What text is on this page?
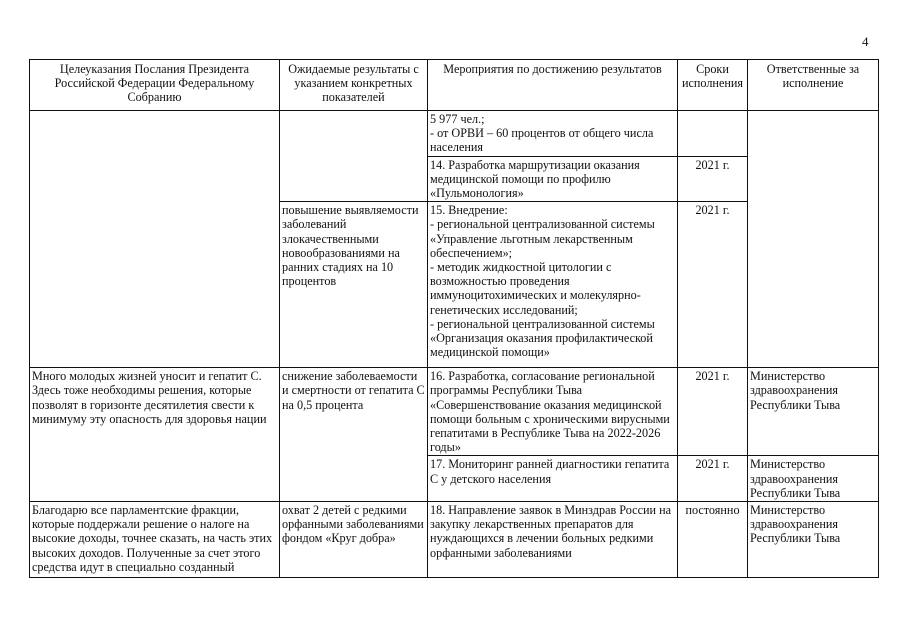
4
Целеуказания Послания Президента Российской Федерации Федеральному Собранию	Ожидаемые результаты с указанием конкретных показателей	Мероприятия по достижению результатов	Сроки исполнения	Ответственные за исполнение
		5 977 чел.;
- от ОРВИ – 60 процентов от общего числа населения		
		14. Разработка маршрутизации оказания медицинской помощи по профилю «Пульмонология»	2021 г.	
	повышение выявляемости заболеваний злокачественными новообразованиями на ранних стадиях на 10 процентов	15. Внедрение:
- региональной централизованной системы «Управление льготным лекарственным обеспечением»;
- методик жидкостной цитологии с возможностью проведения иммуноцитохимических и молекулярно-генетических исследований;
- региональной централизованной системы «Организация оказания профилактической медицинской помощи»	2021 г.	
Много молодых жизней уносит и гепатит С. Здесь тоже необходимы решения, которые позволят в горизонте десятилетия свести к минимуму эту опасность для здоровья нации	снижение заболеваемости и смертности от гепатита С на 0,5 процента	16. Разработка, согласование региональной программы Республики Тыва «Совершенствование оказания медицинской помощи больным с хроническими вирусными гепатитами в Республике Тыва на 2022-2026 годы»	2021 г.	Министерство здравоохранения Республики Тыва
		17. Мониторинг ранней диагностики гепатита С у детского населения	2021 г.	Министерство здравоохранения Республики Тыва
Благодарю все парламентские фракции, которые поддержали решение о налоге на высокие доходы, точнее сказать, на часть этих высоких доходов. Полученные за счет этого средства идут в специально созданный	охват 2 детей с редкими орфанными заболеваниями фондом «Круг добра»	18. Направление заявок в Минздрав России на закупку лекарственных препаратов для нуждающихся в лечении больных редкими орфанными заболеваниями	постоянно	Министерство здравоохранения Республики Тыва
